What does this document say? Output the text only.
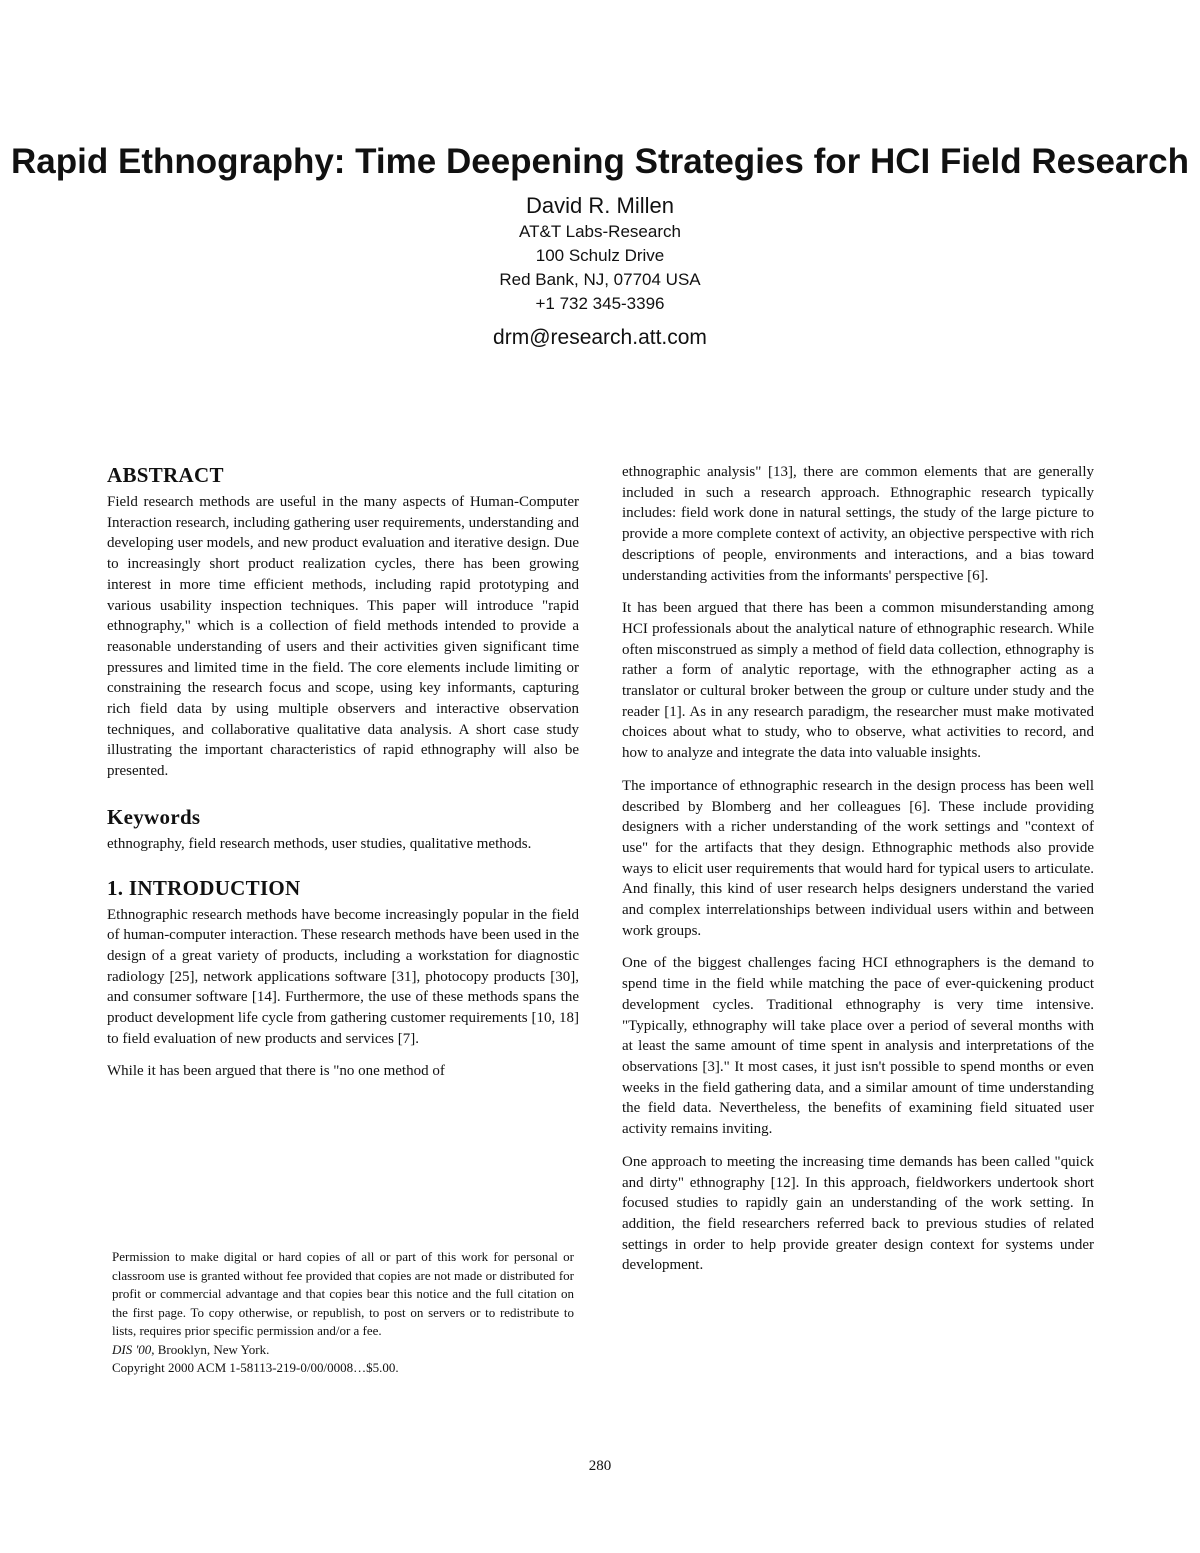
Rapid Ethnography: Time Deepening Strategies for HCI Field Research
David R. Millen
AT&T Labs-Research
100 Schulz Drive
Red Bank, NJ, 07704 USA
+1 732 345-3396
drm@research.att.com
ABSTRACT

Field research methods are useful in the many aspects of Human-Computer Interaction research, including gathering user requirements, understanding and developing user models, and new product evaluation and iterative design. Due to increasingly short product realization cycles, there has been growing interest in more time efficient methods, including rapid prototyping and various usability inspection techniques. This paper will introduce "rapid ethnography," which is a collection of field methods intended to provide a reasonable understanding of users and their activities given significant time pressures and limited time in the field. The core elements include limiting or constraining the research focus and scope, using key informants, capturing rich field data by using multiple observers and interactive observation techniques, and collaborative qualitative data analysis. A short case study illustrating the important characteristics of rapid ethnography will also be presented.

Keywords

ethnography, field research methods, user studies, qualitative methods.

1. INTRODUCTION

Ethnographic research methods have become increasingly popular in the field of human-computer interaction. These research methods have been used in the design of a great variety of products, including a workstation for diagnostic radiology [25], network applications software [31], photocopy products [30], and consumer software [14]. Furthermore, the use of these methods spans the product development life cycle from gathering customer requirements [10, 18] to field evaluation of new products and services [7].

While it has been argued that there is "no one method of

Permission to make digital or hard copies of all or part of this work for personal or classroom use is granted without fee provided that copies are not made or distributed for profit or commercial advantage and that copies bear this notice and the full citation on the first page. To copy otherwise, or republish, to post on servers or to redistribute to lists, requires prior specific permission and/or a fee.

DIS '00, Brooklyn, New York.

Copyright 2000 ACM 1-58113-219-0/00/0008…$5.00.

ethnographic analysis" [13], there are common elements that are generally included in such a research approach. Ethnographic research typically includes: field work done in natural settings, the study of the large picture to provide a more complete context of activity, an objective perspective with rich descriptions of people, environments and interactions, and a bias toward understanding activities from the informants' perspective [6].

It has been argued that there has been a common misunderstanding among HCI professionals about the analytical nature of ethnographic research. While often misconstrued as simply a method of field data collection, ethnography is rather a form of analytic reportage, with the ethnographer acting as a translator or cultural broker between the group or culture under study and the reader [1]. As in any research paradigm, the researcher must make motivated choices about what to study, who to observe, what activities to record, and how to analyze and integrate the data into valuable insights.

The importance of ethnographic research in the design process has been well described by Blomberg and her colleagues [6]. These include providing designers with a richer understanding of the work settings and "context of use" for the artifacts that they design. Ethnographic methods also provide ways to elicit user requirements that would hard for typical users to articulate. And finally, this kind of user research helps designers understand the varied and complex interrelationships between individual users within and between work groups.

One of the biggest challenges facing HCI ethnographers is the demand to spend time in the field while matching the pace of ever-quickening product development cycles. Traditional ethnography is very time intensive. "Typically, ethnography will take place over a period of several months with at least the same amount of time spent in analysis and interpretations of the observations [3]." It most cases, it just isn't possible to spend months or even weeks in the field gathering data, and a similar amount of time understanding the field data. Nevertheless, the benefits of examining field situated user activity remains inviting.

One approach to meeting the increasing time demands has been called "quick and dirty" ethnography [12]. In this approach, fieldworkers undertook short focused studies to rapidly gain an understanding of the work setting. In addition, the field researchers referred back to previous studies of related settings in order to help provide greater design context for systems under development.

280
